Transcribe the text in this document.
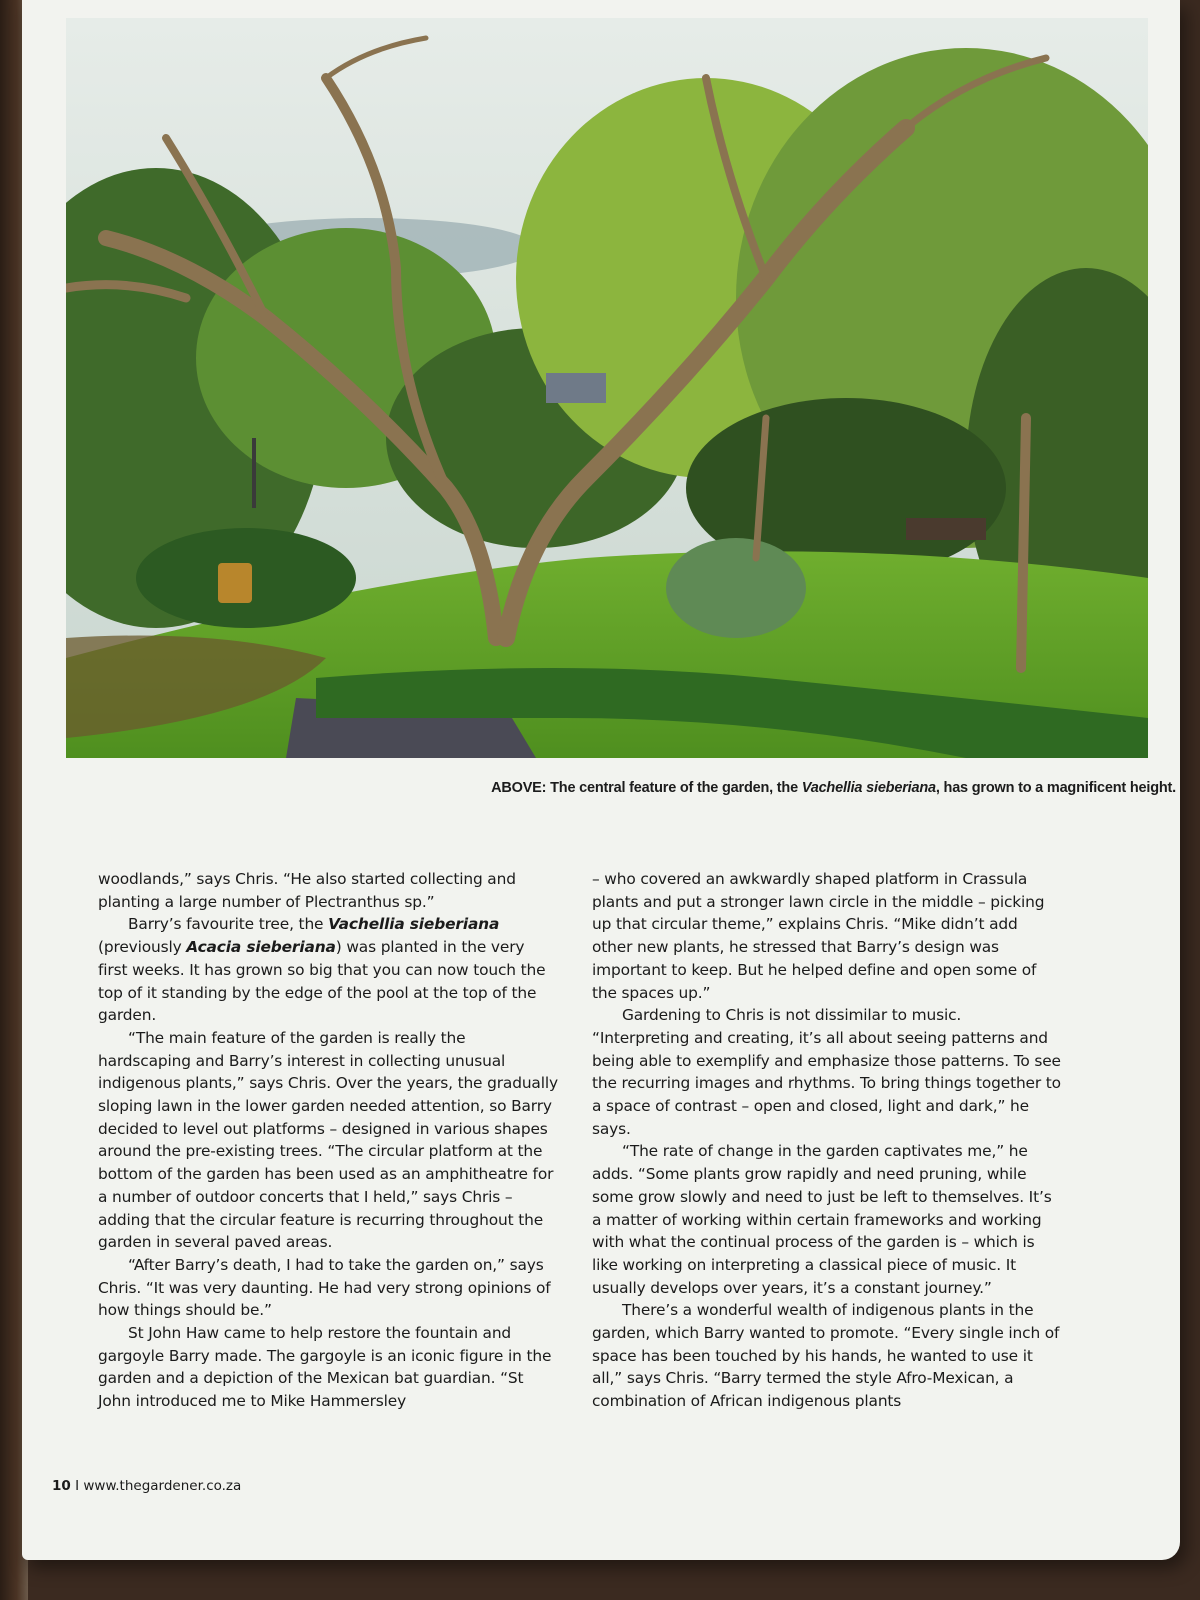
ABOVE: The central feature of the garden, the Vachellia sieberiana, has grown to a magnificent height.

woodlands,” says Chris. “He also started collecting and planting a large number of Plectranthus sp.”

Barry’s favourite tree, the Vachellia sieberiana (previously Acacia sieberiana) was planted in the very first weeks. It has grown so big that you can now touch the top of it standing by the edge of the pool at the top of the garden.

“The main feature of the garden is really the hardscaping and Barry’s interest in collecting unusual indigenous plants,” says Chris. Over the years, the gradually sloping lawn in the lower garden needed attention, so Barry decided to level out platforms – designed in various shapes around the pre-existing trees. “The circular platform at the bottom of the garden has been used as an amphitheatre for a number of outdoor concerts that I held,” says Chris – adding that the circular feature is recurring throughout the garden in several paved areas.

“After Barry’s death, I had to take the garden on,” says Chris. “It was very daunting. He had very strong opinions of how things should be.”

St John Haw came to help restore the fountain and gargoyle Barry made. The gargoyle is an iconic figure in the garden and a depiction of the Mexican bat guardian. “St John introduced me to Mike Hammersley

– who covered an awkwardly shaped platform in Crassula plants and put a stronger lawn circle in the middle – picking up that circular theme,” explains Chris. “Mike didn’t add other new plants, he stressed that Barry’s design was important to keep. But he helped define and open some of the spaces up.”

Gardening to Chris is not dissimilar to music. “Interpreting and creating, it’s all about seeing patterns and being able to exemplify and emphasize those patterns. To see the recurring images and rhythms. To bring things together to a space of contrast – open and closed, light and dark,” he says.

“The rate of change in the garden captivates me,” he adds. “Some plants grow rapidly and need pruning, while some grow slowly and need to just be left to themselves. It’s a matter of working within certain frameworks and working with what the continual process of the garden is – which is like working on interpreting a classical piece of music. It usually develops over years, it’s a constant journey.”

There’s a wonderful wealth of indigenous plants in the garden, which Barry wanted to promote. “Every single inch of space has been touched by his hands, he wanted to use it all,” says Chris. “Barry termed the style Afro-Mexican, a combination of African indigenous plants

10 I www.thegardener.co.za
